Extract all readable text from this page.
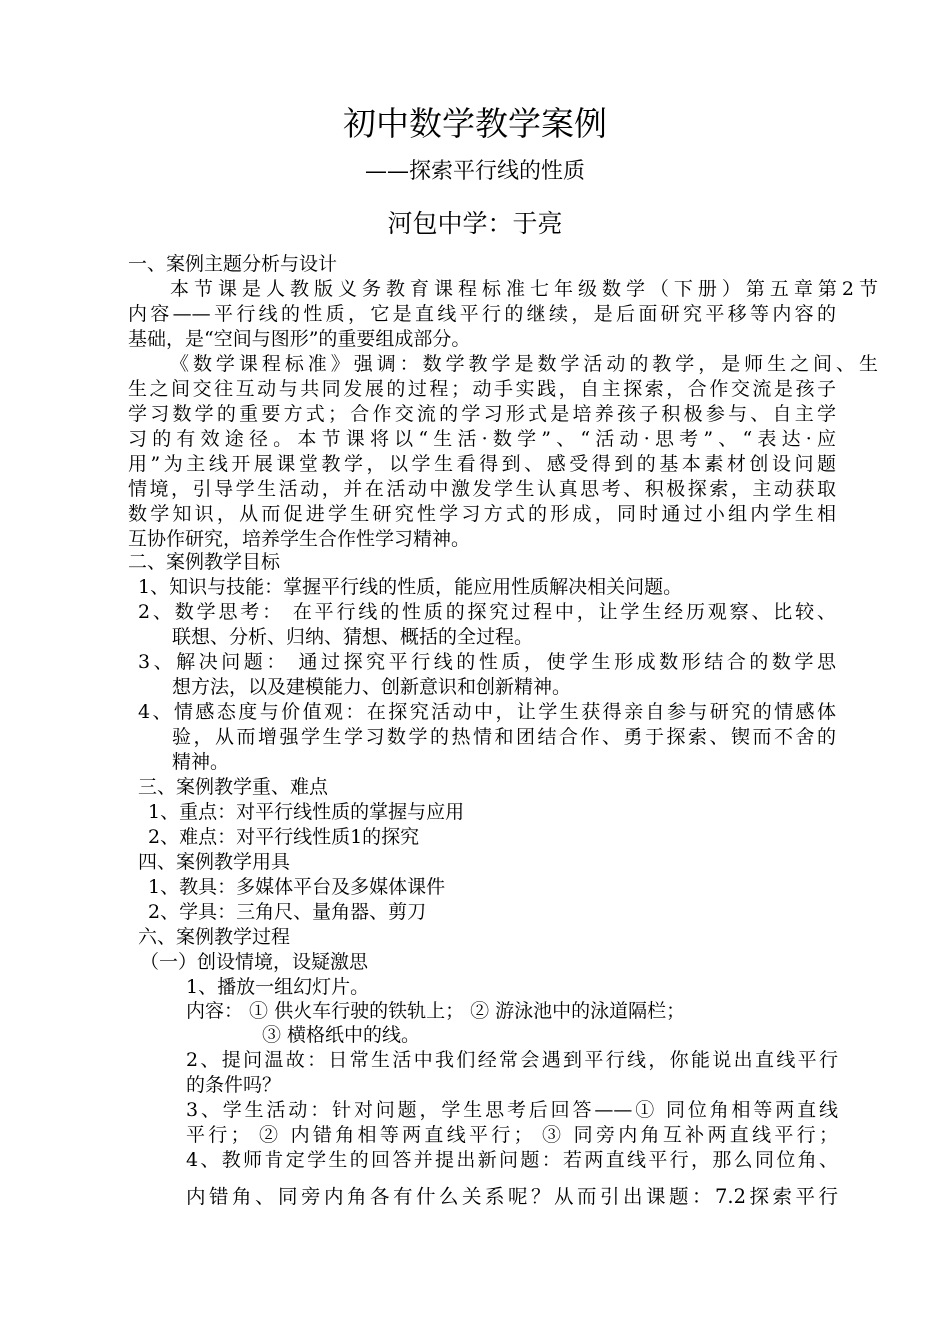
初中数学教学案例
——探索平行线的性质
河包中学：于亮
一、案例主题分析与设计
本节课是人教版义务教育课程标准七年级数学（下册）第五章第2节
内容——平行线的性质，它是直线平行的继续，是后面研究平移等内容的
基础，是“空间与图形”的重要组成部分。
《数学课程标准》强调：数学教学是数学活动的教学，是师生之间、生
生之间交往互动与共同发展的过程；动手实践，自主探索，合作交流是孩子
学习数学的重要方式；合作交流的学习形式是培养孩子积极参与、自主学
习的有效途径。本节课将以“生活·数学”、“活动·思考”、“表达·应
用”为主线开展课堂教学，以学生看得到、感受得到的基本素材创设问题
情境，引导学生活动，并在活动中激发学生认真思考、积极探索，主动获取
数学知识，从而促进学生研究性学习方式的形成，同时通过小组内学生相
互协作研究，培养学生合作性学习精神。
二、案例教学目标
1、知识与技能：掌握平行线的性质，能应用性质解决相关问题。
2、数学思考： 在平行线的性质的探究过程中，让学生经历观察、比较、
联想、分析、归纳、猜想、概括的全过程。
3、解决问题： 通过探究平行线的性质，使学生形成数形结合的数学思
想方法，以及建模能力、创新意识和创新精神。
4、情感态度与价值观：在探究活动中，让学生获得亲自参与研究的情感体
验，从而增强学生学习数学的热情和团结合作、勇于探索、锲而不舍的
精神。
三、案例教学重、难点
1、重点：对平行线性质的掌握与应用
2、难点：对平行线性质1的探究
四、案例教学用具
1、教具：多媒体平台及多媒体课件
2、学具：三角尺、量角器、剪刀
六、案例教学过程
（一）创设情境，设疑激思
1、播放一组幻灯片。
内容： ① 供火车行驶的铁轨上； ② 游泳池中的泳道隔栏；
③ 横格纸中的线。
2、提问温故：日常生活中我们经常会遇到平行线，你能说出直线平行
的条件吗？
3、学生活动：针对问题，学生思考后回答——① 同位角相等两直线
平行； ② 内错角相等两直线平行； ③ 同旁内角互补两直线平行；
4、教师肯定学生的回答并提出新问题：若两直线平行，那么同位角、
内错角、同旁内角各有什么关系呢？从而引出课题：7.2探索平行
